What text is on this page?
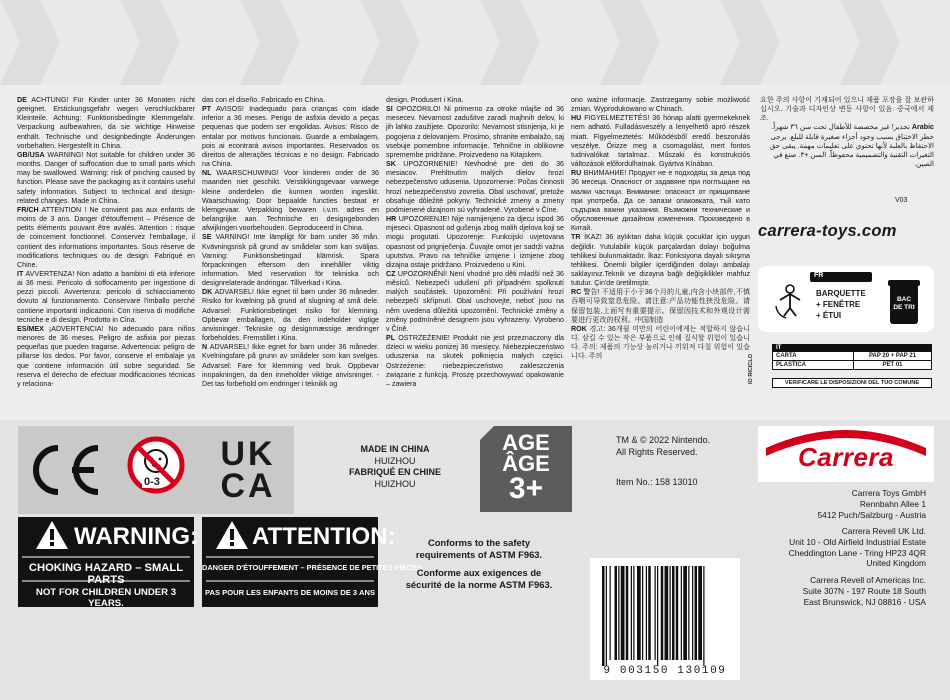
DE ACHTUNG! Für Kinder unter 36 Monaten nicht geeignet. Erstickungsgefahr wegen verschluckbarer Kleinteile. Achtung: Funktionsbedingte Klemmgefahr. Verpackung aufbewahren, da sie wichtige Hinweise enthält. Technische und designbedingte Änderungen vorbehalten. Hergestellt in China.

GB/USA WARNING! Not suitable for children under 36 months. Danger of suffocation due to small parts which may be swallowed. Warning: risk of pinching caused by function. Please save the packaging as it contains useful safety information. Subject to technical and design-related changes. Made in China.

FR/CH ATTENTION ! Ne convient pas aux enfants de moins de 3 ans. Danger d'étouffement – Présence de petits éléments pouvant être avalés. Attention : risque de coincement fonctionnel. Conservez l'emballage, il contient des informations importantes. Sous réserve de modifications techniques ou de design. Fabriqué en Chine.

IT AVVERTENZA! Non adatto a bambini di età inferiore ai 36 mesi. Pericolo di soffocamento per ingestione di pezzi piccoli. Avvertenza: pericolo di schiacciamento dovuto al funzionamento. Conservare l'imballo perché contiene importanti indicazioni. Con riserva di modifiche tecniche e di design. Prodotto in Cina.

ES/MEX ¡ADVERTENCIA! No adecuado para niños menores de 36 meses. Peligro de asfixia por piezas pequeñas que pueden tragarse. Advertencia: peligro de pillarse los dedos. Por favor, conserve el embalaje ya que contiene información útil sobre seguridad. Se reserva el derecho de efectuar modificaciones técnicas y relaciona-

das con el diseño. Fabricado en China.

PT AVISOS! Inadequado para crianças com idade inferior a 36 meses. Perigo de asfixia devido a peças pequenas que podem ser engolidas. Avisos: Risco de entalar por motivos funcionais. Guarde a embalagem, pois ai econtrará avisos importantes. Reservados os direitos de alterações técnicas e no design. Fabricado na China.

NL WAARSCHUWING! Voor kinderen onder de 36 maanden niet geschikt. Verstikkingsgevaar vanwege kleine onderdelen die kunnen worden ingeslikt. Waarschuwing: Door bepaalde functies bestaat er klemgevaar. Verpakking bewaren i.v.m. adres en belangrijke aan. Technische en designgebonden afwijkingen voorbehouden. Geproduceerd in China.

SE VARNING! Inte lämpligt för barn under 36 mån. Kvävningsrisk på grund av smådelar som kan sväljas. Varning: Funktionsbetingad klämrisk. Spara förpackningen eftersom den innehåller viktig information. Med reservation för tekniska och designrelaterade ändringar. Tillverkad i Kina.

DK ADVARSEL! Ikke egnet til børn under 36 måneder. Risiko for kvælning på grund af slugning af små dele. Advarsel: Funktionsbetinget risiko for klemning. Opbevar emballagen, da den indeholder vigtige anvisninger. Tekniske og designmæssige ændringer forbeholdes. Fremstillet i Kina.

N ADVARSEL! Ikke egnet for barn under 36 måneder. Kvelningsfare på grunn av smådeler som kan svelges. Advarsel: Fare for klemming ved bruk. Oppbevar innpakningen, da den inneholder viktige anvisninger. - Det tas forbehold om endringer i teknikk og

design. Produsert i Kina.

SI OPOZORILO! Ni primerno za otroke mlajše od 36 mesecev. Nevarnost zadušitve zaradi majhnih delov, ki jih lahko zaužijete. Opozorilo: Nevarnost stisnjenja, ki je pogojena z delovanjem. Prosimo, shranite embalažo, saj vsebuje pomembne informacije. Tehnične in oblikovne spremembe pridržane. Proizvedeno na Kitajskem.

SK UPOZORNENIE! Nevhodné pre deti do 36 mesiacov. Prehltnutím malých dielov hrozí nebezpečenstvo udusenia. Upozornenie: Počas činnosti hrozí nebezpečenstvo zovretia. Obal uschovať, pretože obsahuje dôležité pokyny. Technické zmeny a zmeny podmienené dizajnom sú vyhradené. Vyrobené v Číne.

HR UPOZORENJE! Nije namijenjeno za djecu ispod 36 mjeseci. Opasnost od gušenja zbog malih djelova koji se mogu progutati. Upozorenje: Funkcijski uvjetovana opasnost od prignječenja. Čuvajte omot jer sadrži važna uputstva. Pravo na tehničke izmjene i izmjene zbog dizajna ostaje pridržano. Proizvedeno u Kini.

CZ UPOZORNĚNÍ! Není vhodné pro děti mladší než 36 měsíců. Nebezpečí udušení při případném spolknutí malých součástek. Upozornění: Při používání hrozí nebezpečí skřípnutí. Obal uschovejte, neboť jsou na něm uvedena důležitá upozornění. Technické změny a změny podmíněné designem jsou vyhrazeny. Vyrobeno v Číně.

PL OSTRZEŻENIE! Produkt nie jest przeznaczony dla dzieci w wieku poniżej 36 miesięcy. Niebezpieczeństwo uduszenia na skutek połknięcia małych części. Ostrzeżenie: niebezpieczeństwo zakleszczenia związane z funkcją. Proszę przechowywać opakowanie – zawiera

ono ważne informacje. Zastrzegamy sobie możliwość zmian. Wyprodukowano w Chinach.

HU FIGYELMEZTETÉS! 36 hónap alatti gyermekeknek nem adható. Fulladásveszély a lenyelhető apró részek miatt. Figyelmeztetés: Működésből eredő beszorulás veszélye. Őrizze meg a csomagolást, mert fontos tudnivalókat tartalmaz. Műszaki és konstrukciós változások előfordulhatnak. Gyártva Kínában.

RU ВНИМАНИЕ! Продукт не е подходящ за деца под 36 месеца. Опасност от задавяне при поглъщане на малки частици. Внимание: опасност от прищипване при употреба. Да се запази опаковката, тъй като съдържа важни указания. Възможни технические и обусловенные дизайном изменения. Произведено в Китай.

TR İKAZ! 36 aylıktan daha küçük çocuklar için uygun değildir. Yutulabilir küçük parçalardan dolayı boğulma tehlikesi bulunmaktadır. İkaz: Fonksiyona dayalı sıkışma tehlikesi. Önemli bilgiler içerdiğinden dolayı ambalajı saklayınız.Teknik ve dizayna bağlı değişiklikler mahfuz tutulur. Çin'de üretilmiştir.

RC 警告! 不适用于小于36个月的儿童,内含小块部件,不慎吞咽可导致窒息危险。请注意:产品功能性挟没危险。请保留包装,上面写有重要提示。保留因技术和外观设计需要进行更改的权利。中国制造

ROK 경고: 36개월 미만의 어린이에게는 적합하지 않습니다. 삼킬 수 있는 작은 부품으로 인해 질식할 위험이 있습니다. 주의: 제품의 기능상 눌리거나 끼워져 다칠 위험이 있습니다. 주의

요한 주의 사항이 기재되어 있으니 제품 포장을 잘 보관하십시오. 기술과 디자인상 변동 사항이 있음. 중국에서 제조.

Arabic تحذير! غير مخصصة للأطفال تحت سن ٣٦ شهراً. خطر الاختناق بسبب وجود أجزاء صغيرة قابلة للبلع. يرجى الاحتفاظ بالعلبة لأنها تحتوي على تعليمات مهمة. يبقى حق التغيرات التقنية والتصميمية محفوظاً. السن +٣. صنع في الصين.

V03
carrera-toys.com
FR
BARQUETTE
+ FENÊTRE
+ ÉTUI
BAC DE TRI
IO RICICLO
IT
CARTA	PAP 20 + PAP 21
PLASTICA	PET 01
VERIFICARE LE DISPOSIZIONI DEL TUO COMUNE
0-3
UK
CA
MADE IN CHINA
HUIZHOU
FABRIQUÉ EN CHINE
HUIZHOU
AGE
ÂGE
3+
TM & © 2022 Nintendo.
All Rights Reserved.
Item No.: 158 13010
Carrera
Carrera Toys GmbH
Rennbahn Allee 1
5412 Puch/Salzburg - Austria
Carrera Revell UK Ltd.
Unit 10 - Old Airfield Industrial Estate
Cheddington Lane - Tring HP23 4QR
United Kingdom
Carrera Revell of Americas Inc.
Suite 307N - 197 Route 18 South
East Brunswick, NJ 08816 - USA
WARNING:
CHOKING HAZARD – SMALL PARTS
NOT FOR CHILDREN UNDER 3 YEARS.
ATTENTION:
DANGER D'ÉTOUFFEMENT – PRÉSENCE DE PETITES PIÈCES
PAS POUR LES ENFANTS DE MOINS DE 3 ANS

Conforms to the safety
requirements of ASTM F963.

Conforme aux exigences de
sécurité de la norme ASTM F963.

9 003150 130109
